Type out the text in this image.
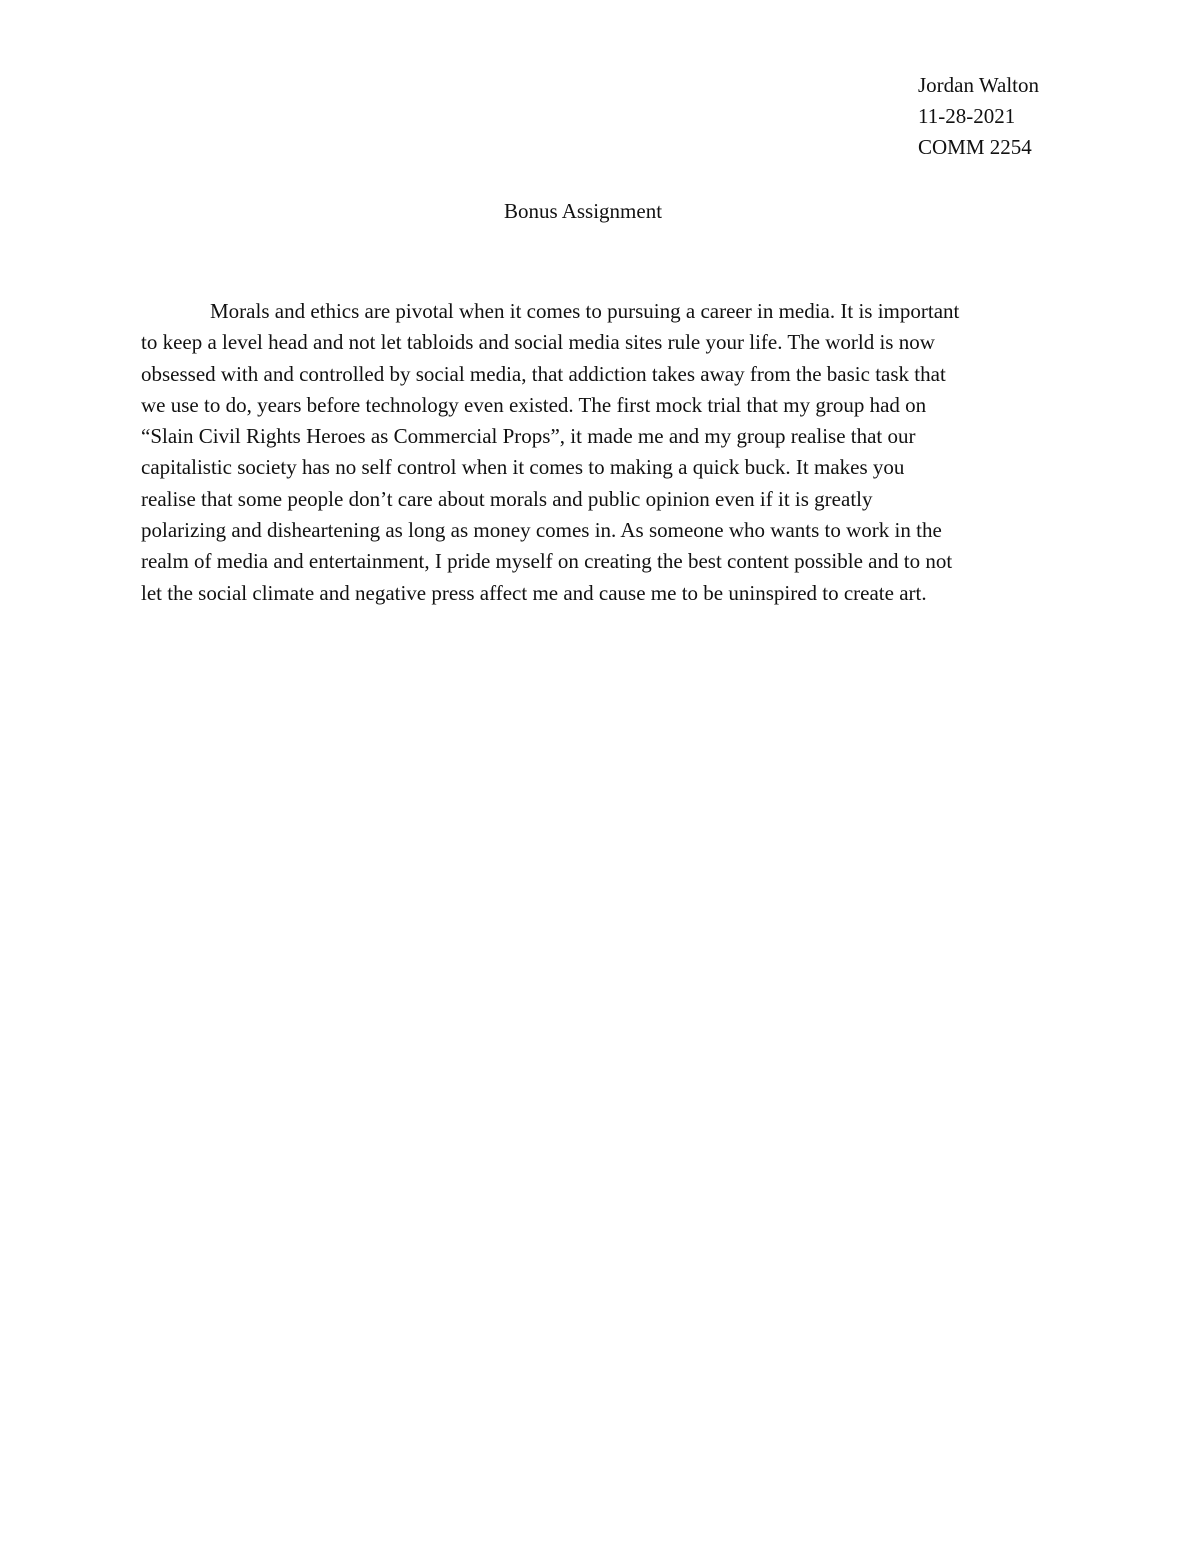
Jordan Walton
11-28-2021
COMM 2254
Bonus Assignment
Morals and ethics are pivotal when it comes to pursuing a career in media. It is important
to keep a level head and not let tabloids and social media sites rule your life. The world is now
obsessed with and controlled by social media, that addiction takes away from the basic task that
we use to do, years before technology even existed. The first mock trial that my group had on
“Slain Civil Rights Heroes as Commercial Props”, it made me and my group realise that our
capitalistic society has no self control when it comes to making a quick buck. It makes you
realise that some people don’t care about morals and public opinion even if it is greatly
polarizing and disheartening as long as money comes in. As someone who wants to work in the
realm of media and entertainment, I pride myself on creating the best content possible and to not
let the social climate and negative press affect me and cause me to be uninspired to create art.
